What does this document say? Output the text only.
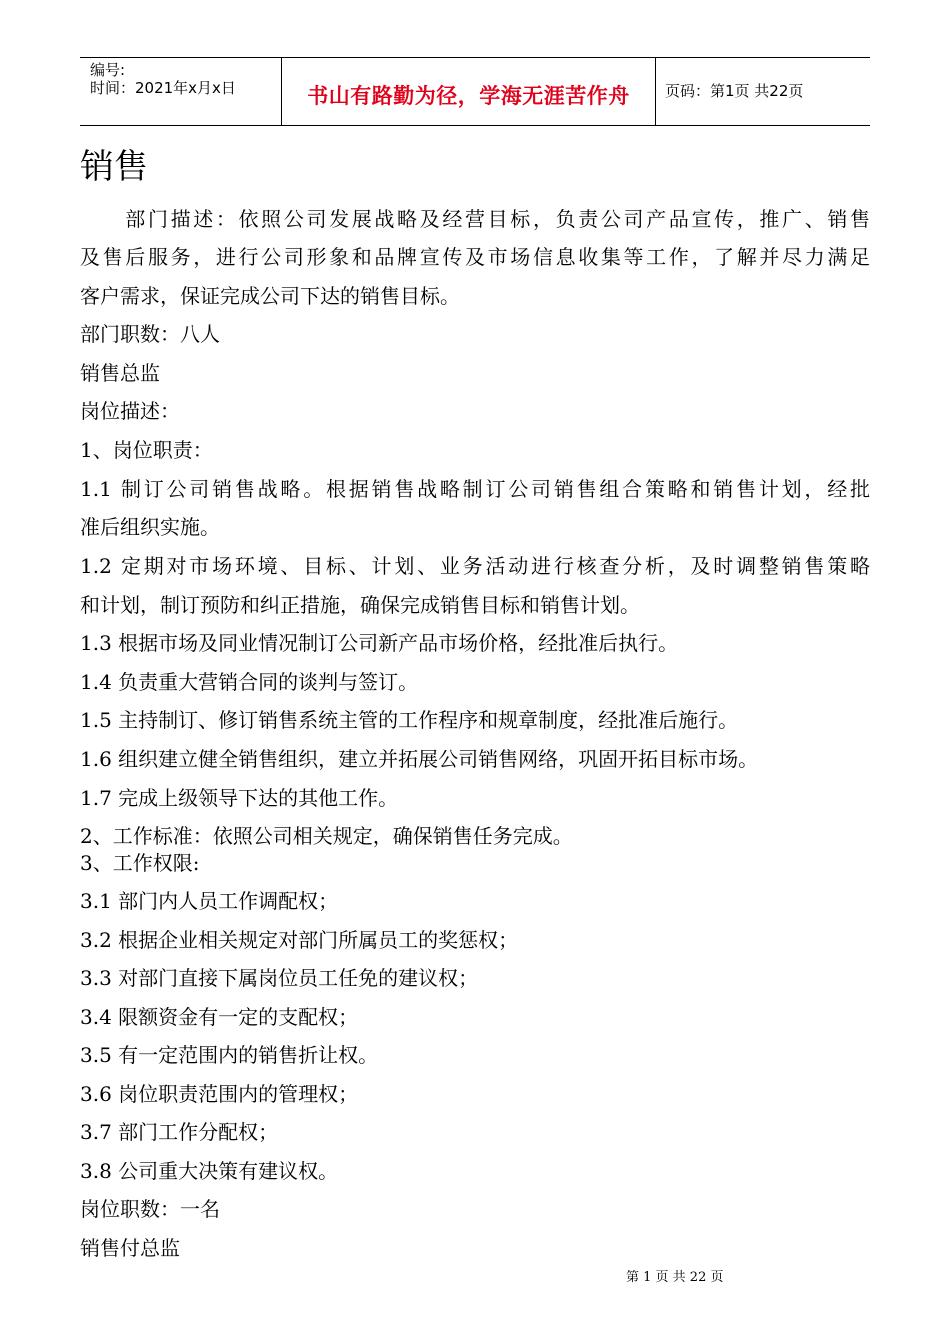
编号:
时间：2021年x月x日	书山有路勤为径，学海无涯苦作舟	页码：第1页 共22页
销售
　　部门描述：依照公司发展战略及经营目标，负责公司产品宣传，推广、销售
及售后服务，进行公司形象和品牌宣传及市场信息收集等工作，了解并尽力满足
客户需求，保证完成公司下达的销售目标。
部门职数：八人
销售总监
岗位描述：
1、岗位职责：
1.1 制订公司销售战略。根据销售战略制订公司销售组合策略和销售计划，经批
准后组织实施。
1.2 定期对市场环境、目标、计划、业务活动进行核查分析，及时调整销售策略
和计划，制订预防和纠正措施，确保完成销售目标和销售计划。
1.3 根据市场及同业情况制订公司新产品市场价格，经批准后执行。
1.4 负责重大营销合同的谈判与签订。
1.5 主持制订、修订销售系统主管的工作程序和规章制度，经批准后施行。
1.6 组织建立健全销售组织，建立并拓展公司销售网络，巩固开拓目标市场。
1.7 完成上级领导下达的其他工作。
2、工作标准：依照公司相关规定，确保销售任务完成。
3、工作权限:
3.1 部门内人员工作调配权；
3.2 根据企业相关规定对部门所属员工的奖惩权；
3.3 对部门直接下属岗位员工任免的建议权；
3.4 限额资金有一定的支配权；
3.5 有一定范围内的销售折让权。
3.6 岗位职责范围内的管理权；
3.7 部门工作分配权；
3.8 公司重大决策有建议权。
岗位职数：一名
销售付总监
第 1 页 共 22 页
